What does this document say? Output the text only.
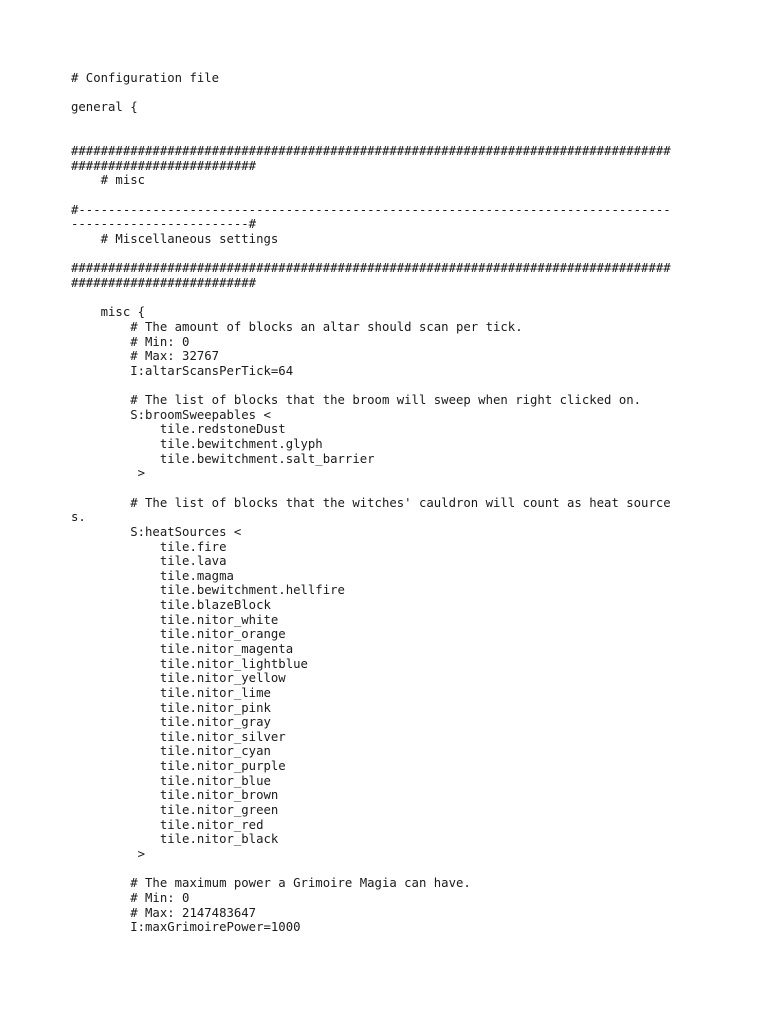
# Configuration file
general {
#################################################################################
#########################
# misc
#--------------------------------------------------------------------------------
------------------------#
# Miscellaneous settings
#################################################################################
#########################
misc {
# The amount of blocks an altar should scan per tick.
# Min: 0
# Max: 32767
I:altarScansPerTick=64
# The list of blocks that the broom will sweep when right clicked on.
S:broomSweepables <
tile.redstoneDust
tile.bewitchment.glyph
tile.bewitchment.salt_barrier
>
# The list of blocks that the witches' cauldron will count as heat source
s.
S:heatSources <
tile.fire
tile.lava
tile.magma
tile.bewitchment.hellfire
tile.blazeBlock
tile.nitor_white
tile.nitor_orange
tile.nitor_magenta
tile.nitor_lightblue
tile.nitor_yellow
tile.nitor_lime
tile.nitor_pink
tile.nitor_gray
tile.nitor_silver
tile.nitor_cyan
tile.nitor_purple
tile.nitor_blue
tile.nitor_brown
tile.nitor_green
tile.nitor_red
tile.nitor_black
>
# The maximum power a Grimoire Magia can have.
# Min: 0
# Max: 2147483647
I:maxGrimoirePower=1000
